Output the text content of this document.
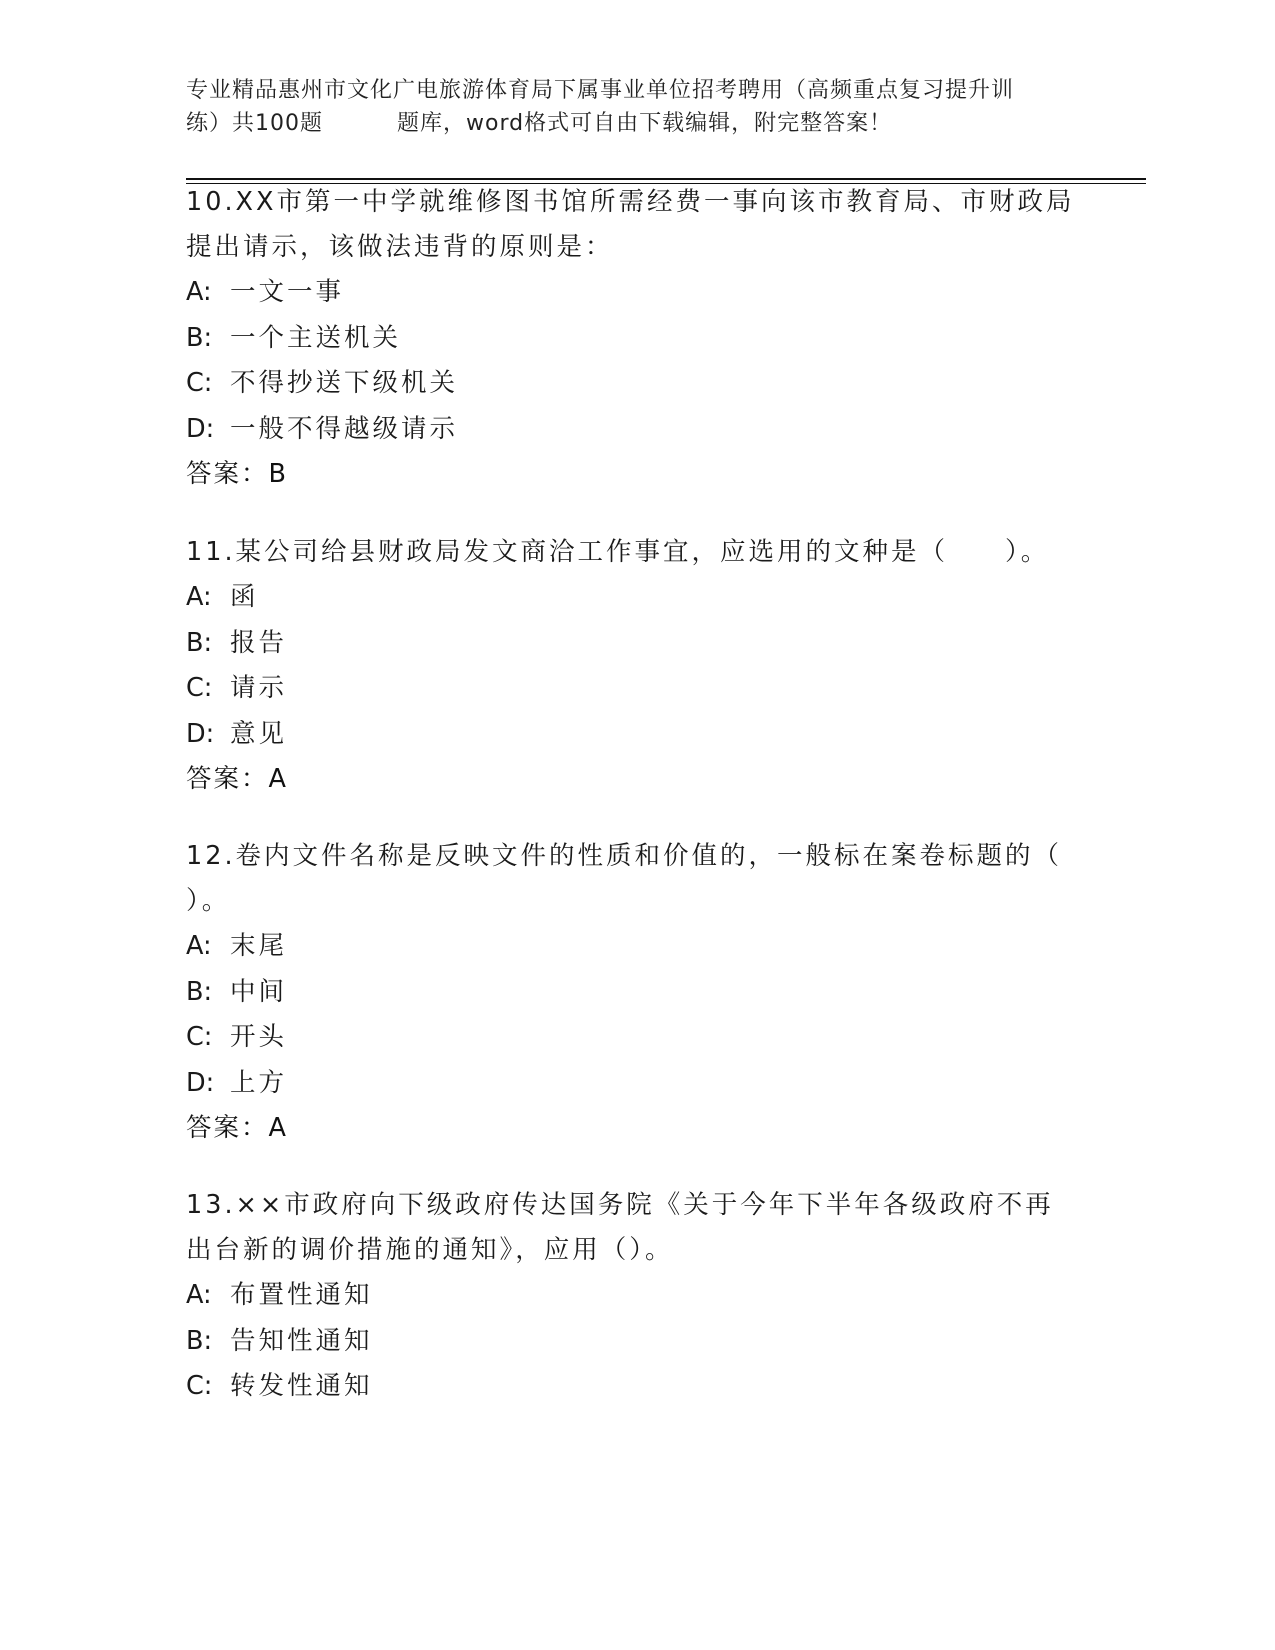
专业精品惠州市文化广电旅游体育局下属事业单位招考聘用（高频重点复习提升训
练）共100题	题库，word格式可自由下载编辑，附完整答案！

10.XX市第一中学就维修图书馆所需经费一事向该市教育局、市财政局

提出请示，该做法违背的原则是：

A: 一文一事

B: 一个主送机关

C: 不得抄送下级机关

D: 一般不得越级请示

答案：B

11.某公司给县财政局发文商洽工作事宜，应选用的文种是（　　）。

A: 函

B: 报告

C: 请示

D: 意见

答案：A

12.卷内文件名称是反映文件的性质和价值的，一般标在案卷标题的（

）。

A: 末尾

B: 中间

C: 开头

D: 上方

答案：A

13.××市政府向下级政府传达国务院《关于今年下半年各级政府不再

出台新的调价措施的通知》，应用（）。

A: 布置性通知

B: 告知性通知

C: 转发性通知
